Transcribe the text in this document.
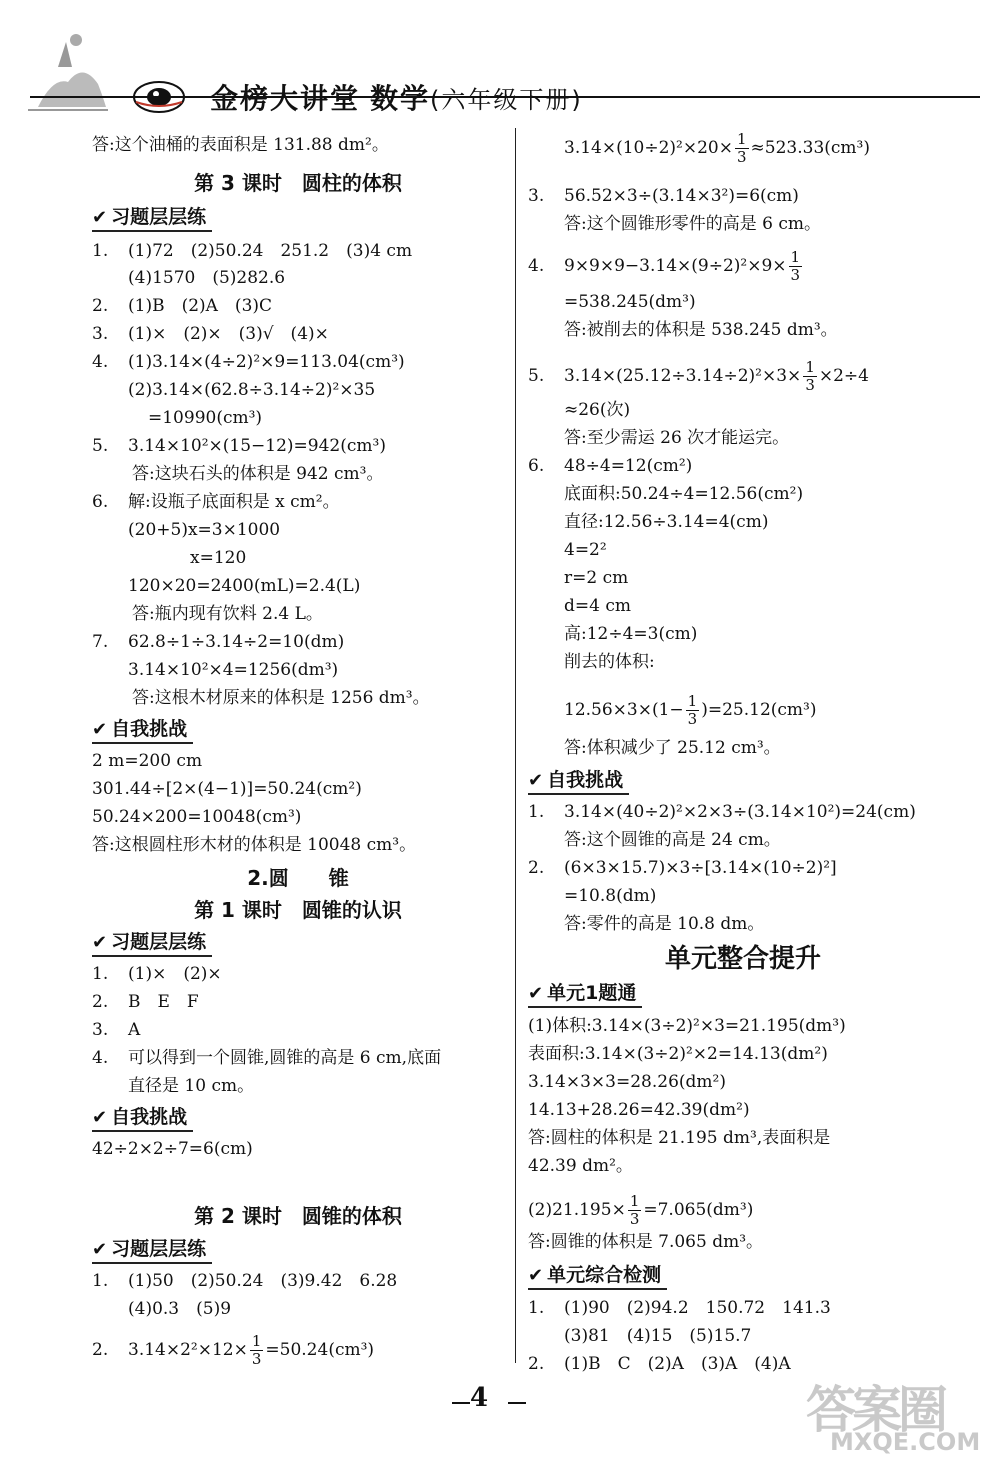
金榜大讲堂 数学(六年级下册)
答:这个油桶的表面积是 131.88 dm²。
第 3 课时　圆柱的体积
✔ 习题层层练
1. (1)72　(2)50.24　251.2　(3)4 cm
(4)1570　(5)282.6
2. (1)B　(2)A　(3)C
3. (1)×　(2)×　(3)√　(4)×
4. (1)3.14×(4÷2)²×9=113.04(cm³)
(2)3.14×(62.8÷3.14÷2)²×35
=10990(cm³)
5. 3.14×10²×(15−12)=942(cm³)
答:这块石头的体积是 942 cm³。
6. 解:设瓶子底面积是 x cm²。
(20+5)x=3×1000
x=120
120×20=2400(mL)=2.4(L)
答:瓶内现有饮料 2.4 L。
7. 62.8÷1÷3.14÷2=10(dm)
3.14×10²×4=1256(dm³)
答:这根木材原来的体积是 1256 dm³。
✔ 自我挑战
2 m=200 cm
301.44÷[2×(4−1)]=50.24(cm²)
50.24×200=10048(cm³)
答:这根圆柱形木材的体积是 10048 cm³。
2.圆　　锥
第 1 课时　圆锥的认识
✔ 习题层层练
1. (1)×　(2)×
2. B　E　F
3. A
4. 可以得到一个圆锥,圆锥的高是 6 cm,底面
直径是 10 cm。
✔ 自我挑战
42÷2×2÷7=6(cm)
第 2 课时　圆锥的体积
✔ 习题层层练
1. (1)50　(2)50.24　(3)9.42　6.28
(4)0.3　(5)9
2. $3.14\times 2^2\times 12\times \frac{1}{3} =50.24(cm^3)$
$3.14\times(10\div 2)^2\times 20\times \frac{1}{3} \approx 523.33(cm^3)$
3. 56.52×3÷(3.14×3²)=6(cm)
答:这个圆锥形零件的高是 6 cm。
4. $9\times 9\times 9-3.14\times(9\div 2)^2\times 9\times \frac{1}{3}$
=538.245(dm³)
答:被削去的体积是 538.245 dm³。
5. $3.14\times(25.12\div 3.14\div 2)^2\times 3\times \frac{1}{3} \times 2\div 4$
≈26(次)
答:至少需运 26 次才能运完。
6. 48÷4=12(cm²)
底面积:50.24÷4=12.56(cm²)
直径:12.56÷3.14=4(cm)
4=2²
r=2 cm
d=4 cm
高:12÷4=3(cm)
削去的体积:
$12.56\times 3\times(1- \frac{1}{3} )=25.12(cm^3)$
答:体积减少了 25.12 cm³。
✔ 自我挑战
1. 3.14×(40÷2)²×2×3÷(3.14×10²)=24(cm)
答:这个圆锥的高是 24 cm。
2. (6×3×15.7)×3÷[3.14×(10÷2)²]
=10.8(dm)
答:零件的高是 10.8 dm。
单元整合提升
✔ 单元1题通
(1)体积:3.14×(3÷2)²×3=21.195(dm³)
表面积:3.14×(3÷2)²×2=14.13(dm²)
3.14×3×3=28.26(dm²)
14.13+28.26=42.39(dm²)
答:圆柱的体积是 21.195 dm³,表面积是
42.39 dm²。
$(2)21.195\times \frac{1}{3} =7.065(dm^3)$
答:圆锥的体积是 7.065 dm³。
✔ 单元综合检测
1. (1)90　(2)94.2　150.72　141.3
(3)81　(4)15　(5)15.7
2. (1)B　C　(2)A　(3)A　(4)A
4	答案圈
MXQE.COM
